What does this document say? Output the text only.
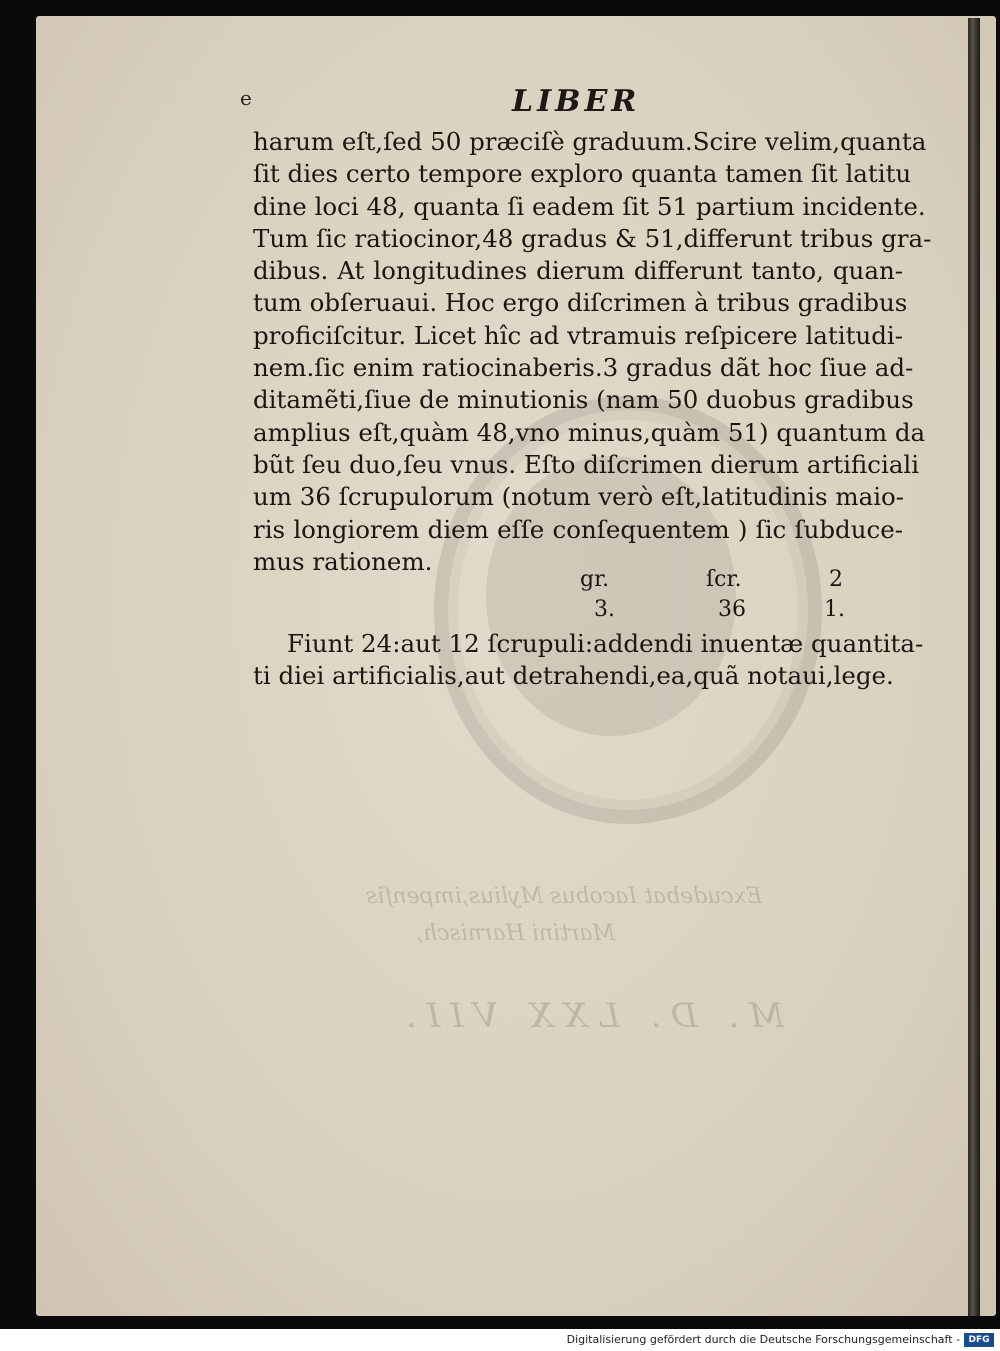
Excudebat Iacobus Mylius,impenſis
Martini Harnisch,
M. D. LXX VII.
e	LIBER

harum eſt,ſed 50 præciſè graduum.Scire velim,quanta
ſit dies certo tempore exploro quanta tamen ſit latitu
dine loci 48, quanta ſi eadem ſit 51 partium incidente.
Tum ſic ratiocinor,48 gradus & 51,differunt tribus gra-
dibus. At longitudines dierum differunt tanto, quan-
tum obſeruaui. Hoc ergo diſcrimen à tribus gradibus
proficiſcitur. Licet hîc ad vtramuis reſpicere latitudi-
nem.ſic enim ratiocinaberis.3 gradus dãt hoc ſiue ad-
ditamẽti,ſiue de minutionis (nam 50 duobus gradibus
amplius eſt,quàm 48,vno minus,quàm 51) quantum da
bũt ſeu duo,ſeu vnus. Eſto diſcrimen dierum artificiali
um 36 ſcrupulorum (notum verò eſt,latitudinis maio-
ris longiorem diem eſſe conſequentem ) ſic ſubduce-
mus rationem.

gr.	ſcr.	2
3.	36	1.

Fiunt 24:aut 12 ſcrupuli:addendi inuentæ quantita-
ti diei artificialis,aut detrahendi,ea,quã notaui,lege.

Digitalisierung gefördert durch die Deutsche Forschungsgemeinschaft - DFG
